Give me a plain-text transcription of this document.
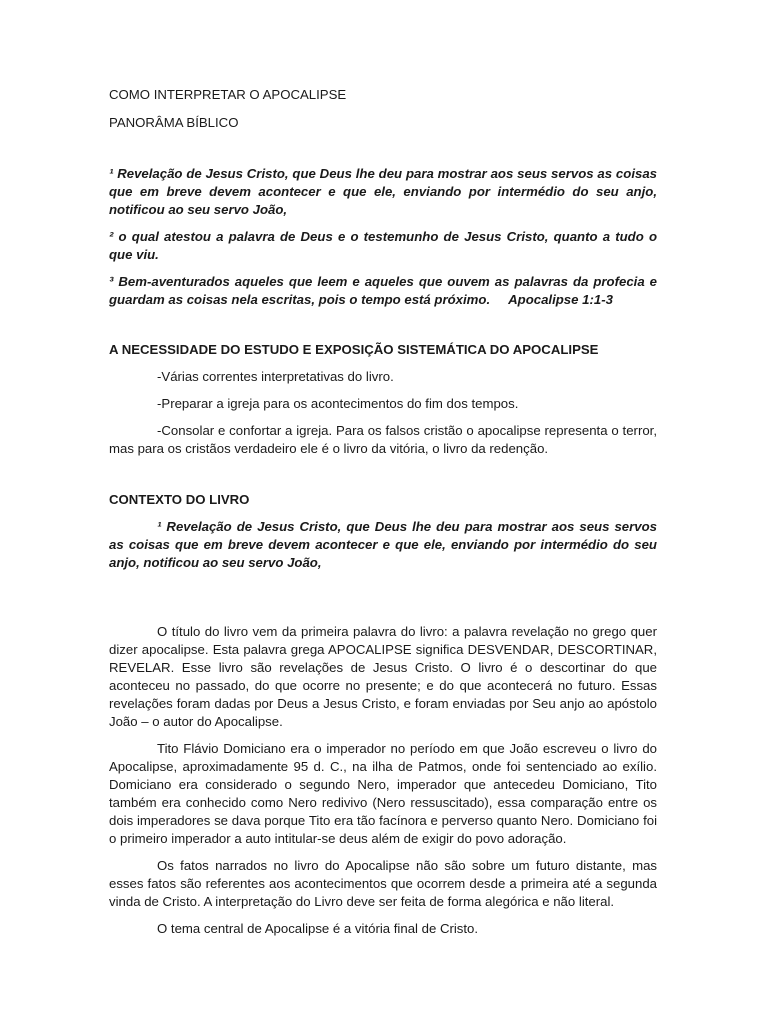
COMO INTERPRETAR O APOCALIPSE

PANORÂMA BÍBLICO

¹ Revelação de Jesus Cristo, que Deus lhe deu para mostrar aos seus servos as coisas que em breve devem acontecer e que ele, enviando por intermédio do seu anjo, notificou ao seu servo João,

² o qual atestou a palavra de Deus e o testemunho de Jesus Cristo, quanto a tudo o que viu.

³ Bem-aventurados aqueles que leem e aqueles que ouvem as palavras da profecia e guardam as coisas nela escritas, pois o tempo está próximo. Apocalipse 1:1-3

A NECESSIDADE DO ESTUDO E EXPOSIÇÃO SISTEMÁTICA DO APOCALIPSE

-Várias correntes interpretativas do livro.

-Preparar a igreja para os acontecimentos do fim dos tempos.

-Consolar e confortar a igreja. Para os falsos cristão o apocalipse representa o terror, mas para os cristãos verdadeiro ele é o livro da vitória, o livro da redenção.

CONTEXTO DO LIVRO

¹ Revelação de Jesus Cristo, que Deus lhe deu para mostrar aos seus servos as coisas que em breve devem acontecer e que ele, enviando por intermédio do seu anjo, notificou ao seu servo João,

O título do livro vem da primeira palavra do livro: a palavra revelação no grego quer dizer apocalipse. Esta palavra grega APOCALIPSE significa DESVENDAR, DESCORTINAR, REVELAR. Esse livro são revelações de Jesus Cristo. O livro é o descortinar do que aconteceu no passado, do que ocorre no presente; e do que acontecerá no futuro. Essas revelações foram dadas por Deus a Jesus Cristo, e foram enviadas por Seu anjo ao apóstolo João – o autor do Apocalipse.

Tito Flávio Domiciano era o imperador no período em que João escreveu o livro do Apocalipse, aproximadamente 95 d. C., na ilha de Patmos, onde foi sentenciado ao exílio. Domiciano era considerado o segundo Nero, imperador que antecedeu Domiciano, Tito também era conhecido como Nero redivivo (Nero ressuscitado), essa comparação entre os dois imperadores se dava porque Tito era tão facínora e perverso quanto Nero. Domiciano foi o primeiro imperador a auto intitular-se deus além de exigir do povo adoração.

Os fatos narrados no livro do Apocalipse não são sobre um futuro distante, mas esses fatos são referentes aos acontecimentos que ocorrem desde a primeira até a segunda vinda de Cristo. A interpretação do Livro deve ser feita de forma alegórica e não literal.

O tema central de Apocalipse é a vitória final de Cristo.
